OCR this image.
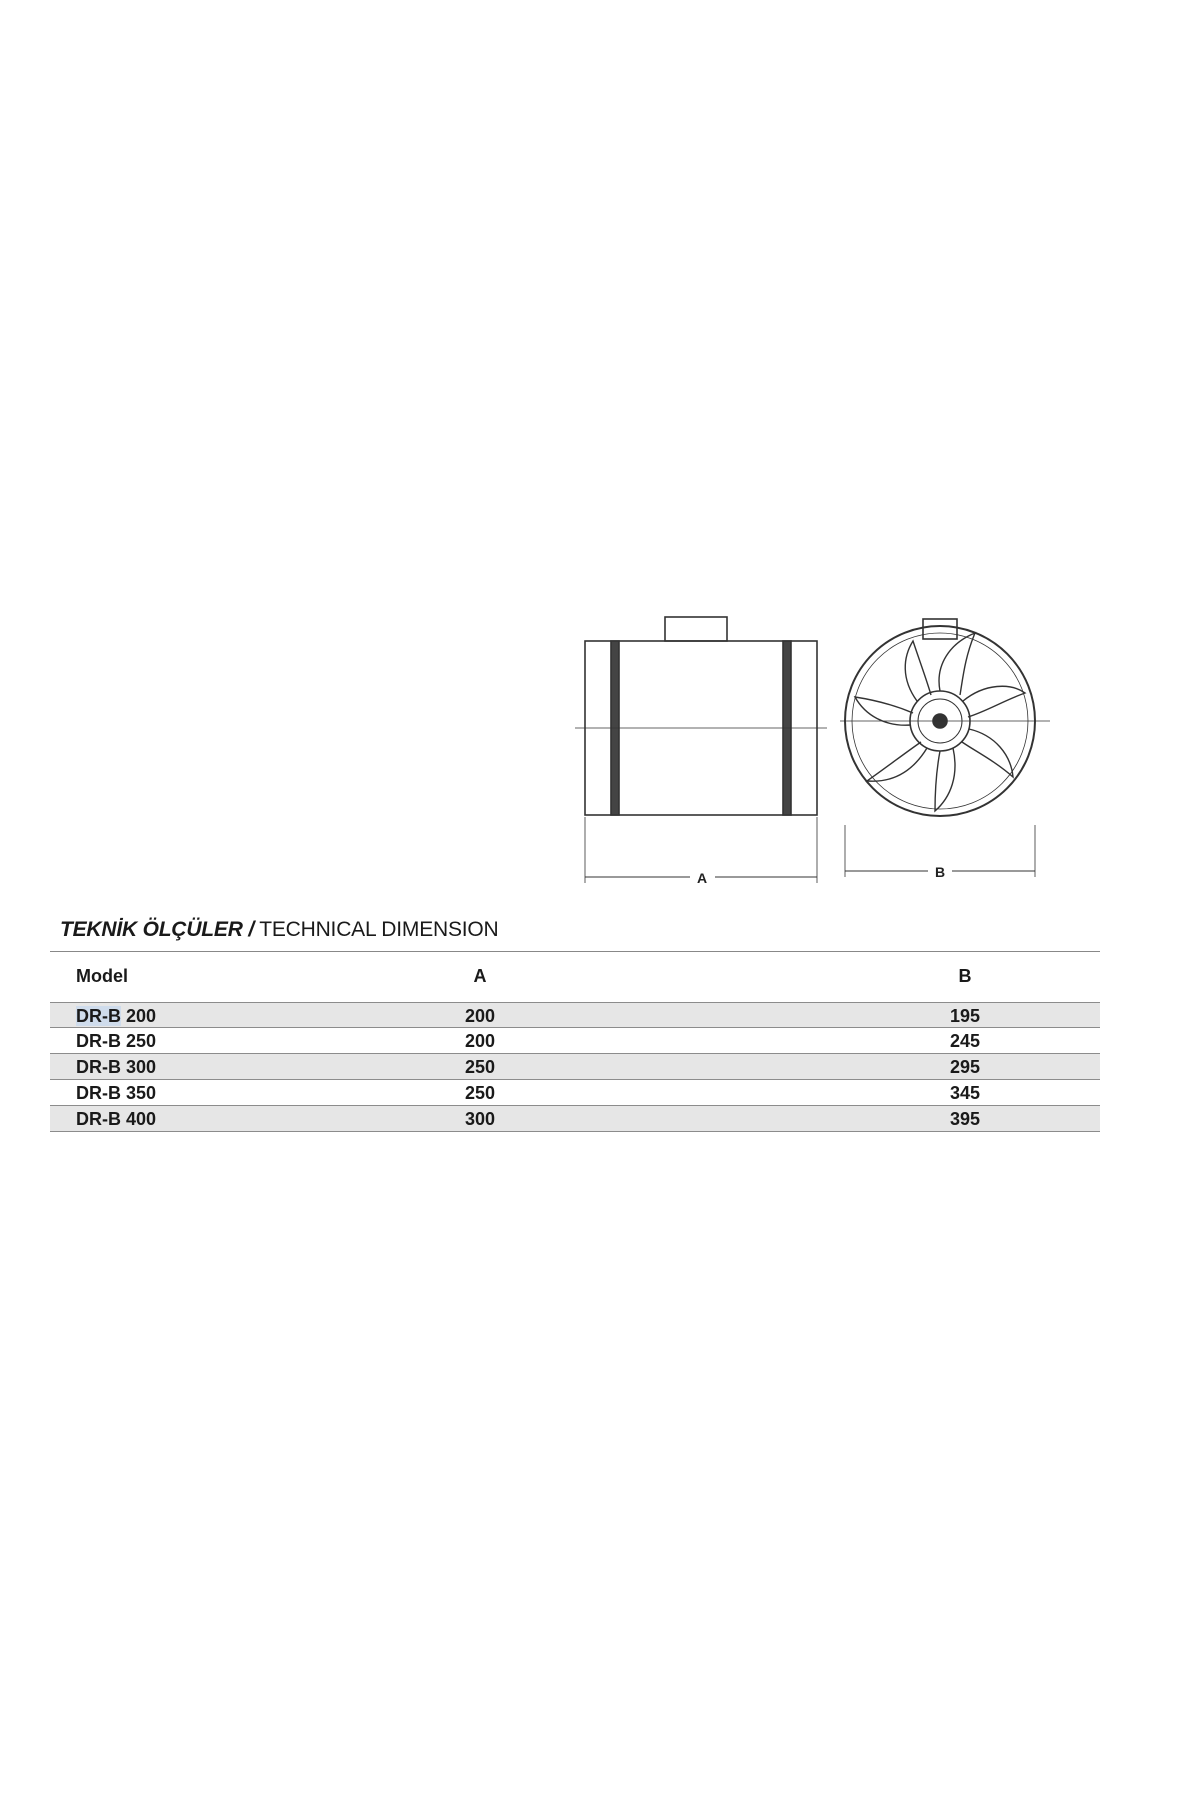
A	B
TEKNİK ÖLÇÜLER / TECHNICAL DIMENSION
Model	A	B
DR-B 200	200	195
DR-B 250	200	245
DR-B 300	250	295
DR-B 350	250	345
DR-B 400	300	395
